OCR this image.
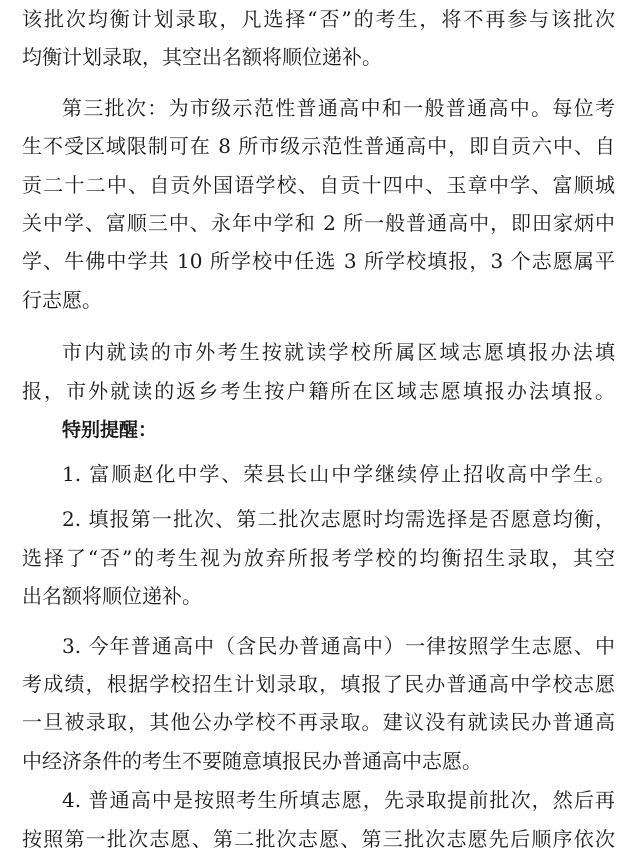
该批次均衡计划录取，凡选择“否”的考生，将不再参与该批次
均衡计划录取，其空出名额将顺位递补。
第三批次：为市级示范性普通高中和一般普通高中。每位考
生不受区域限制可在 8 所市级示范性普通高中，即自贡六中、自
贡二十二中、自贡外国语学校、自贡十四中、玉章中学、富顺城
关中学、富顺三中、永年中学和 2 所一般普通高中，即田家炳中
学、牛佛中学共 10 所学校中任选 3 所学校填报，3 个志愿属平
行志愿。
市内就读的市外考生按就读学校所属区域志愿填报办法填
报，市外就读的返乡考生按户籍所在区域志愿填报办法填报。
特别提醒：
1. 富顺赵化中学、荣县长山中学继续停止招收高中学生。
2. 填报第一批次、第二批次志愿时均需选择是否愿意均衡，
选择了“否”的考生视为放弃所报考学校的均衡招生录取，其空
出名额将顺位递补。
3. 今年普通高中（含民办普通高中）一律按照学生志愿、中
考成绩，根据学校招生计划录取，填报了民办普通高中学校志愿
一旦被录取，其他公办学校不再录取。建议没有就读民办普通高
中经济条件的考生不要随意填报民办普通高中志愿。
4. 普通高中是按照考生所填志愿，先录取提前批次，然后再
按照第一批次志愿、第二批次志愿、第三批次志愿先后顺序依次
